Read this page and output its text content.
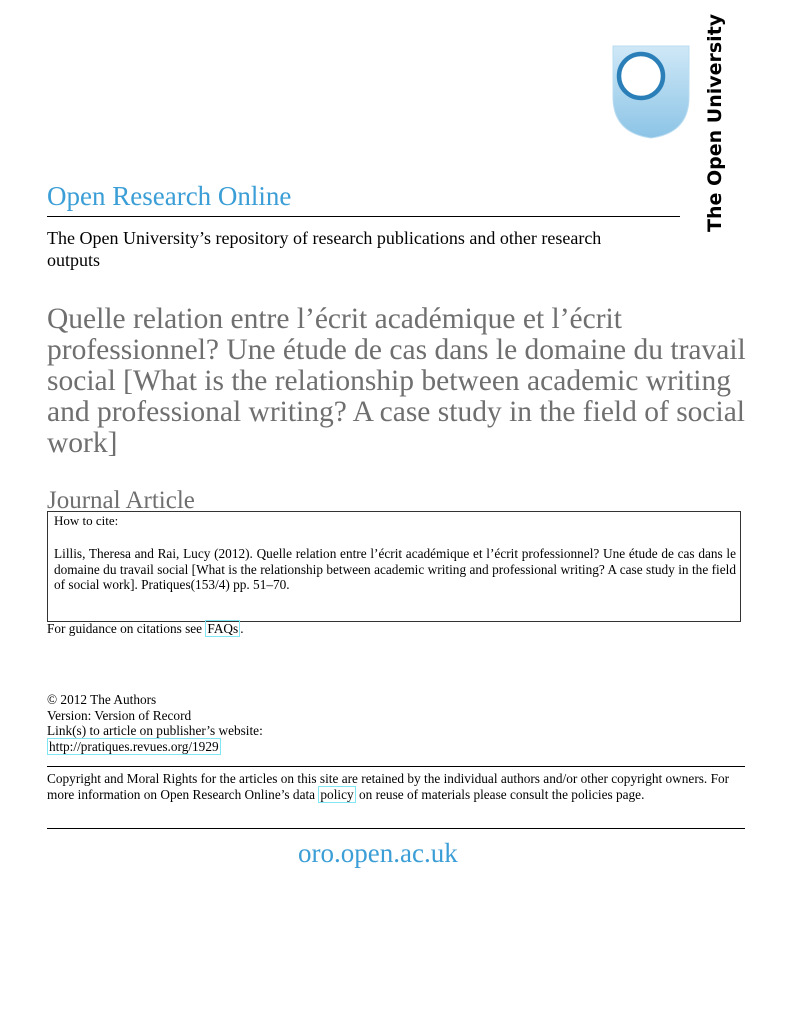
The Open University
Open Research Online
The Open University’s repository of research publications and other research outputs
Quelle relation entre l’écrit académique et l’écrit professionnel? Une étude de cas dans le domaine du travail social [What is the relationship between academic writing and professional writing? A case study in the field of social work]
Journal Article
How to cite:
Lillis, Theresa and Rai, Lucy (2012). Quelle relation entre l’écrit académique et l’écrit professionnel? Une étude de cas dans le domaine du travail social [What is the relationship between academic writing and professional writing? A case study in the field of social work]. Pratiques(153/4) pp. 51–70.
For guidance on citations see FAQs .
© 2012 The Authors
Version: Version of Record
Link(s) to article on publisher’s website:
http://pratiques.revues.org/1929
Copyright and Moral Rights for the articles on this site are retained by the individual authors and/or other copyright owners. For more information on Open Research Online’s data policy on reuse of materials please consult the policies page.
oro.open.ac.uk
